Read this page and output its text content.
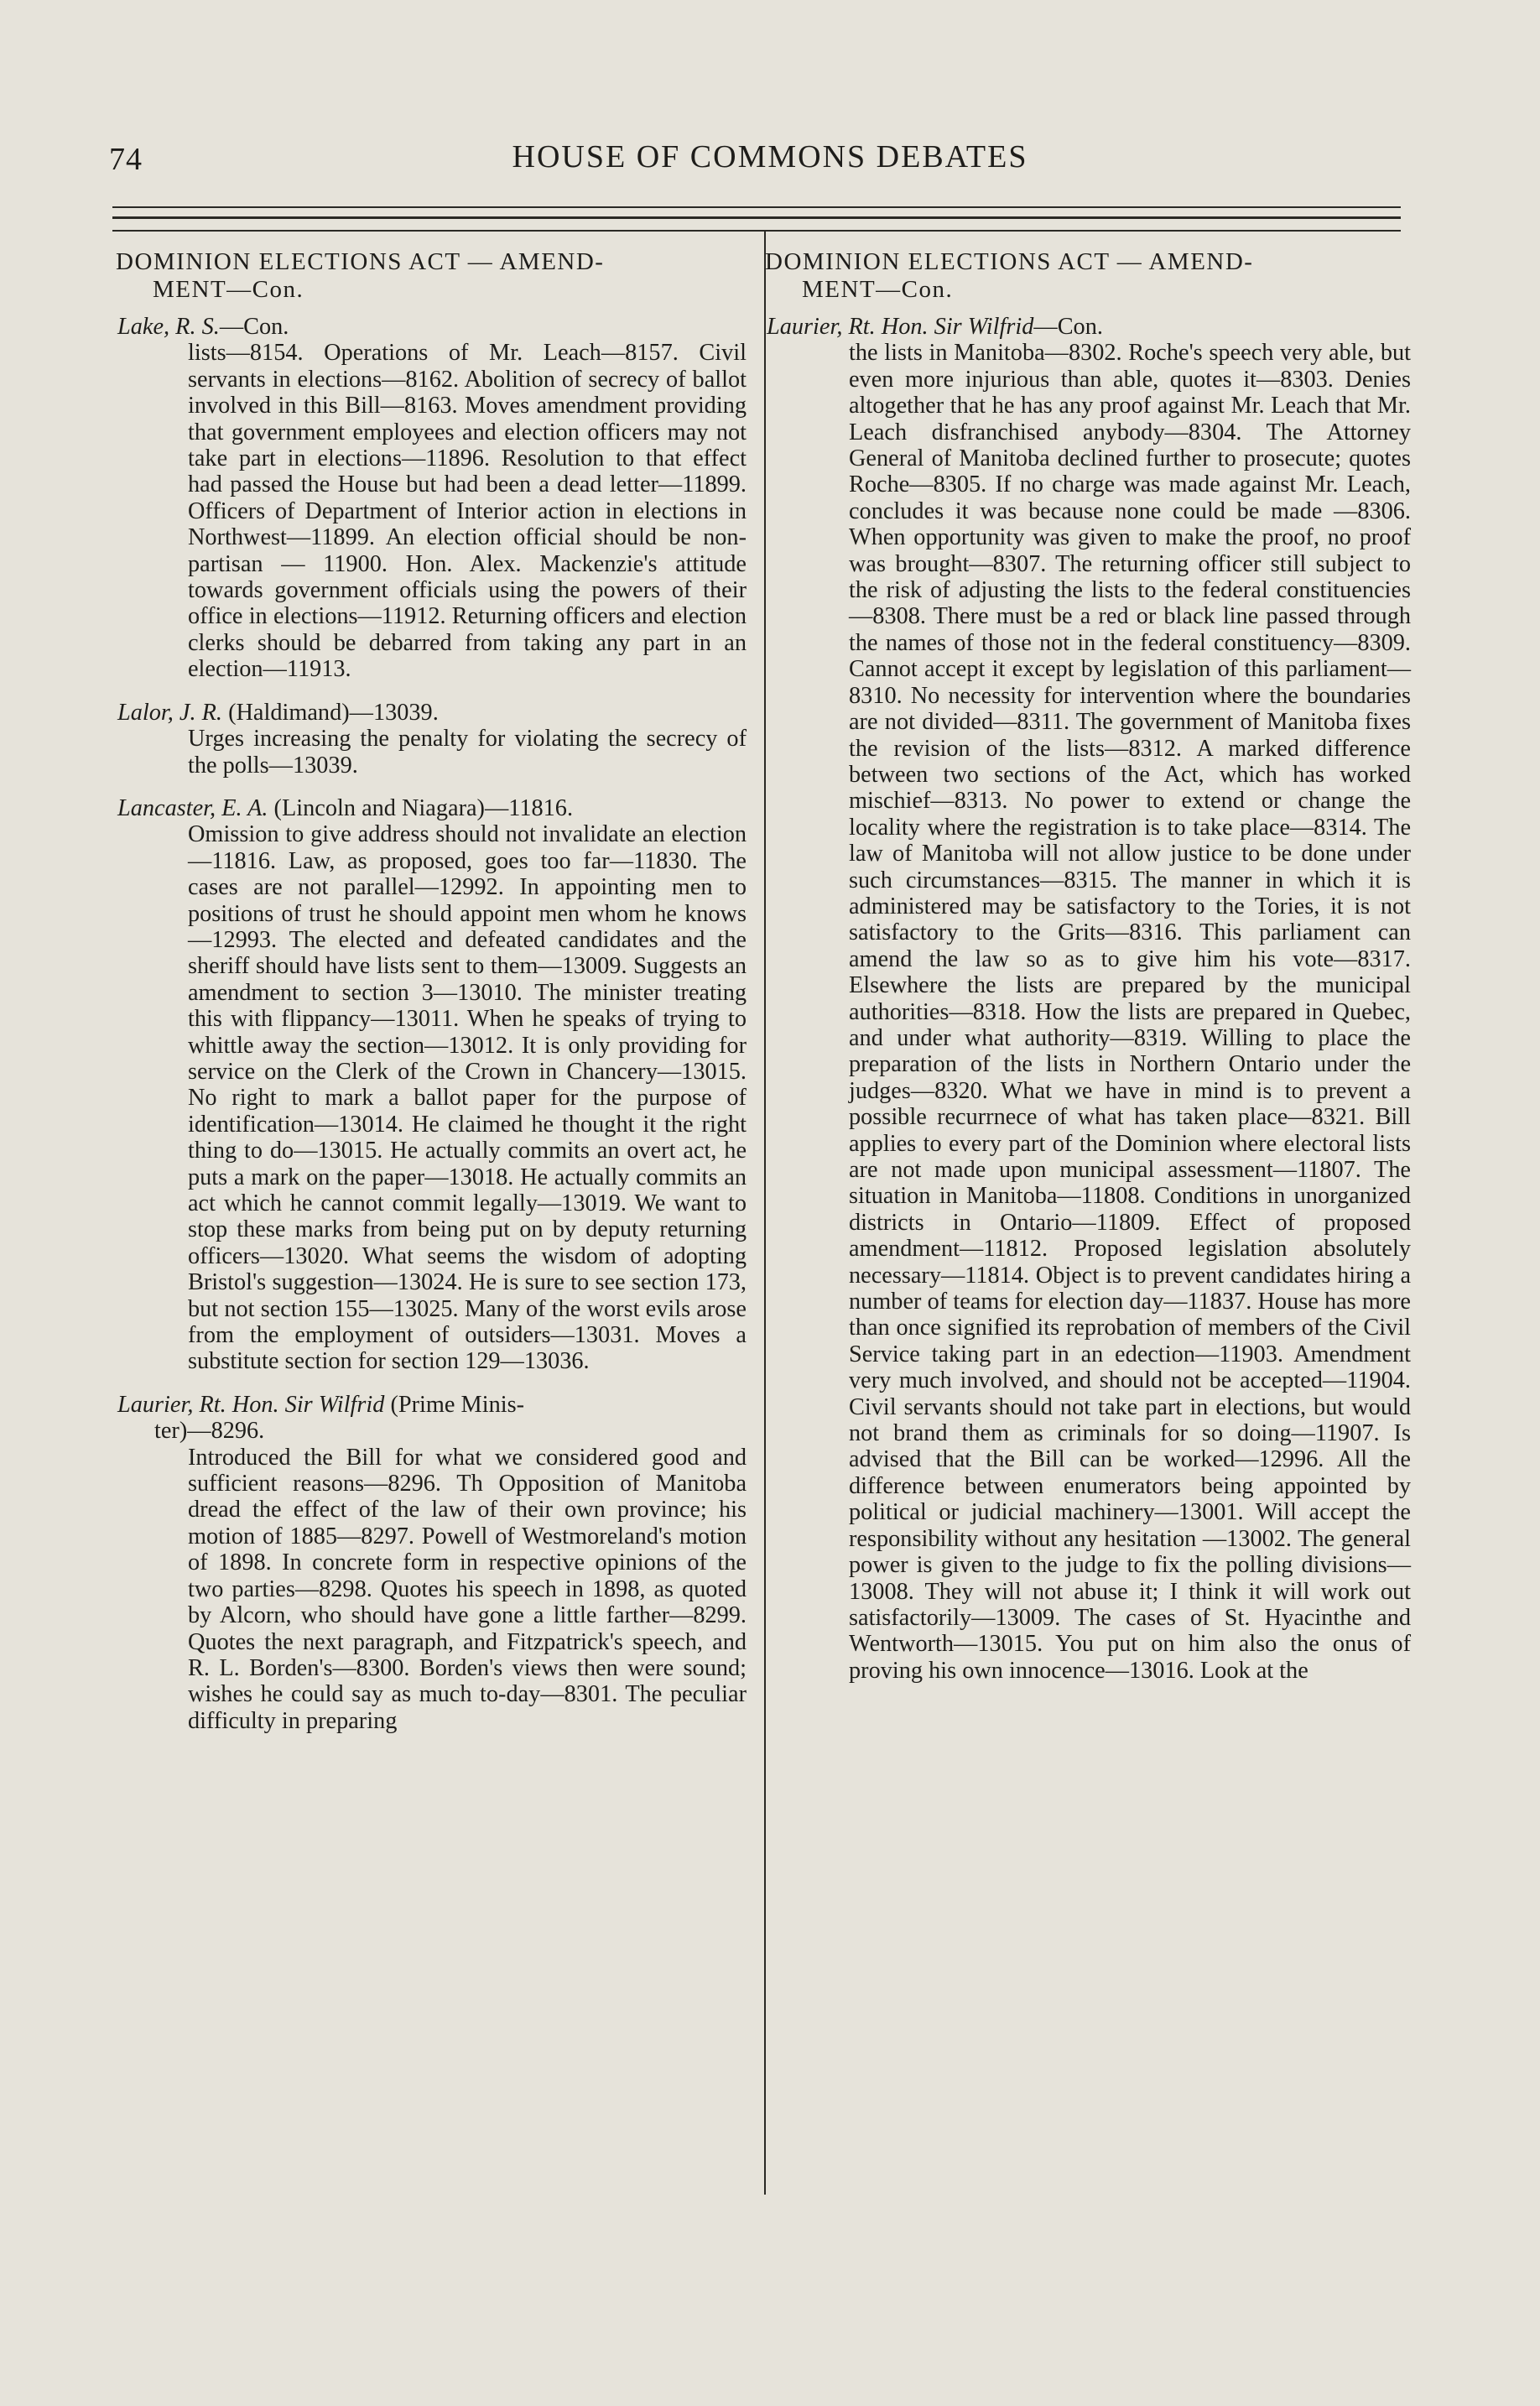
74	HOUSE OF COMMONS DEBATES
DOMINION ELECTIONS ACT — AMEND-
MENT—Con.

Lake, R. S.—Con.

lists—8154. Operations of Mr. Leach—8157. Civil servants in elections—8162. Abolition of secrecy of ballot involved in this Bill—8163. Moves amendment providing that government employees and election officers may not take part in elections—11896. Resolution to that effect had passed the House but had been a dead letter—11899. Officers of Department of Interior action in elections in Northwest—11899. An election official should be non-partisan — 11900. Hon. Alex. Mackenzie's attitude towards government officials using the powers of their office in elections—11912. Returning officers and election clerks should be debarred from taking any part in an election—11913.

Lalor, J. R. (Haldimand)—13039.

Urges increasing the penalty for violating the secrecy of the polls—13039.

Lancaster, E. A. (Lincoln and Niagara)—11816.

Omission to give address should not invalidate an election—11816. Law, as proposed, goes too far—11830. The cases are not parallel—12992. In appointing men to positions of trust he should appoint men whom he knows—12993. The elected and defeated candidates and the sheriff should have lists sent to them—13009. Suggests an amendment to section 3—13010. The minister treating this with flippancy—13011. When he speaks of trying to whittle away the section—13012. It is only providing for service on the Clerk of the Crown in Chancery—13015. No right to mark a ballot paper for the purpose of identification—13014. He claimed he thought it the right thing to do—13015. He actually commits an overt act, he puts a mark on the paper—13018. He actually commits an act which he cannot commit legally—13019. We want to stop these marks from being put on by deputy returning officers—13020. What seems the wisdom of adopting Bristol's suggestion—13024. He is sure to see section 173, but not section 155—13025. Many of the worst evils arose from the employment of outsiders—13031. Moves a substitute section for section 129—13036.

Laurier, Rt. Hon. Sir Wilfrid (Prime Minis-
ter)—8296.

Introduced the Bill for what we considered good and sufficient reasons—8296. Th Opposition of Manitoba dread the effect of the law of their own province; his motion of 1885—8297. Powell of Westmoreland's motion of 1898. In concrete form in respective opinions of the two parties—8298. Quotes his speech in 1898, as quoted by Alcorn, who should have gone a little farther—8299. Quotes the next paragraph, and Fitzpatrick's speech, and R. L. Borden's—8300. Borden's views then were sound; wishes he could say as much to-day—8301. The peculiar difficulty in preparing

DOMINION ELECTIONS ACT — AMEND-
MENT—Con.

Laurier, Rt. Hon. Sir Wilfrid—Con.

the lists in Manitoba—8302. Roche's speech very able, but even more injurious than able, quotes it—8303. Denies altogether that he has any proof against Mr. Leach that Mr. Leach disfranchised anybody—8304. The Attorney General of Manitoba declined further to prosecute; quotes Roche—8305. If no charge was made against Mr. Leach, concludes it was because none could be made —8306. When opportunity was given to make the proof, no proof was brought—8307. The returning officer still subject to the risk of adjusting the lists to the federal constituencies—8308. There must be a red or black line passed through the names of those not in the federal constituency—8309. Cannot accept it except by legislation of this parliament—8310. No necessity for intervention where the boundaries are not divided—8311. The government of Manitoba fixes the revision of the lists—8312. A marked difference between two sections of the Act, which has worked mischief—8313. No power to extend or change the locality where the registration is to take place—8314. The law of Manitoba will not allow justice to be done under such circumstances—8315. The manner in which it is administered may be satisfactory to the Tories, it is not satisfactory to the Grits—8316. This parliament can amend the law so as to give him his vote—8317. Elsewhere the lists are prepared by the municipal authorities—8318. How the lists are prepared in Quebec, and under what authority—8319. Willing to place the preparation of the lists in Northern Ontario under the judges—8320. What we have in mind is to prevent a possible recurrnece of what has taken place—8321. Bill applies to every part of the Dominion where electoral lists are not made upon municipal assessment—11807. The situation in Manitoba—11808. Conditions in unorganized districts in Ontario—11809. Effect of proposed amendment—11812. Proposed legislation absolutely necessary—11814. Object is to prevent candidates hiring a number of teams for election day—11837. House has more than once signified its reprobation of members of the Civil Service taking part in an edection—11903. Amendment very much involved, and should not be accepted—11904. Civil servants should not take part in elections, but would not brand them as criminals for so doing—11907. Is advised that the Bill can be worked—12996. All the difference between enumerators being appointed by political or judicial machinery—13001. Will accept the responsibility without any hesitation —13002. The general power is given to the judge to fix the polling divisions—13008. They will not abuse it; I think it will work out satisfactorily—13009. The cases of St. Hyacinthe and Wentworth—13015. You put on him also the onus of proving his own innocence—13016. Look at the
